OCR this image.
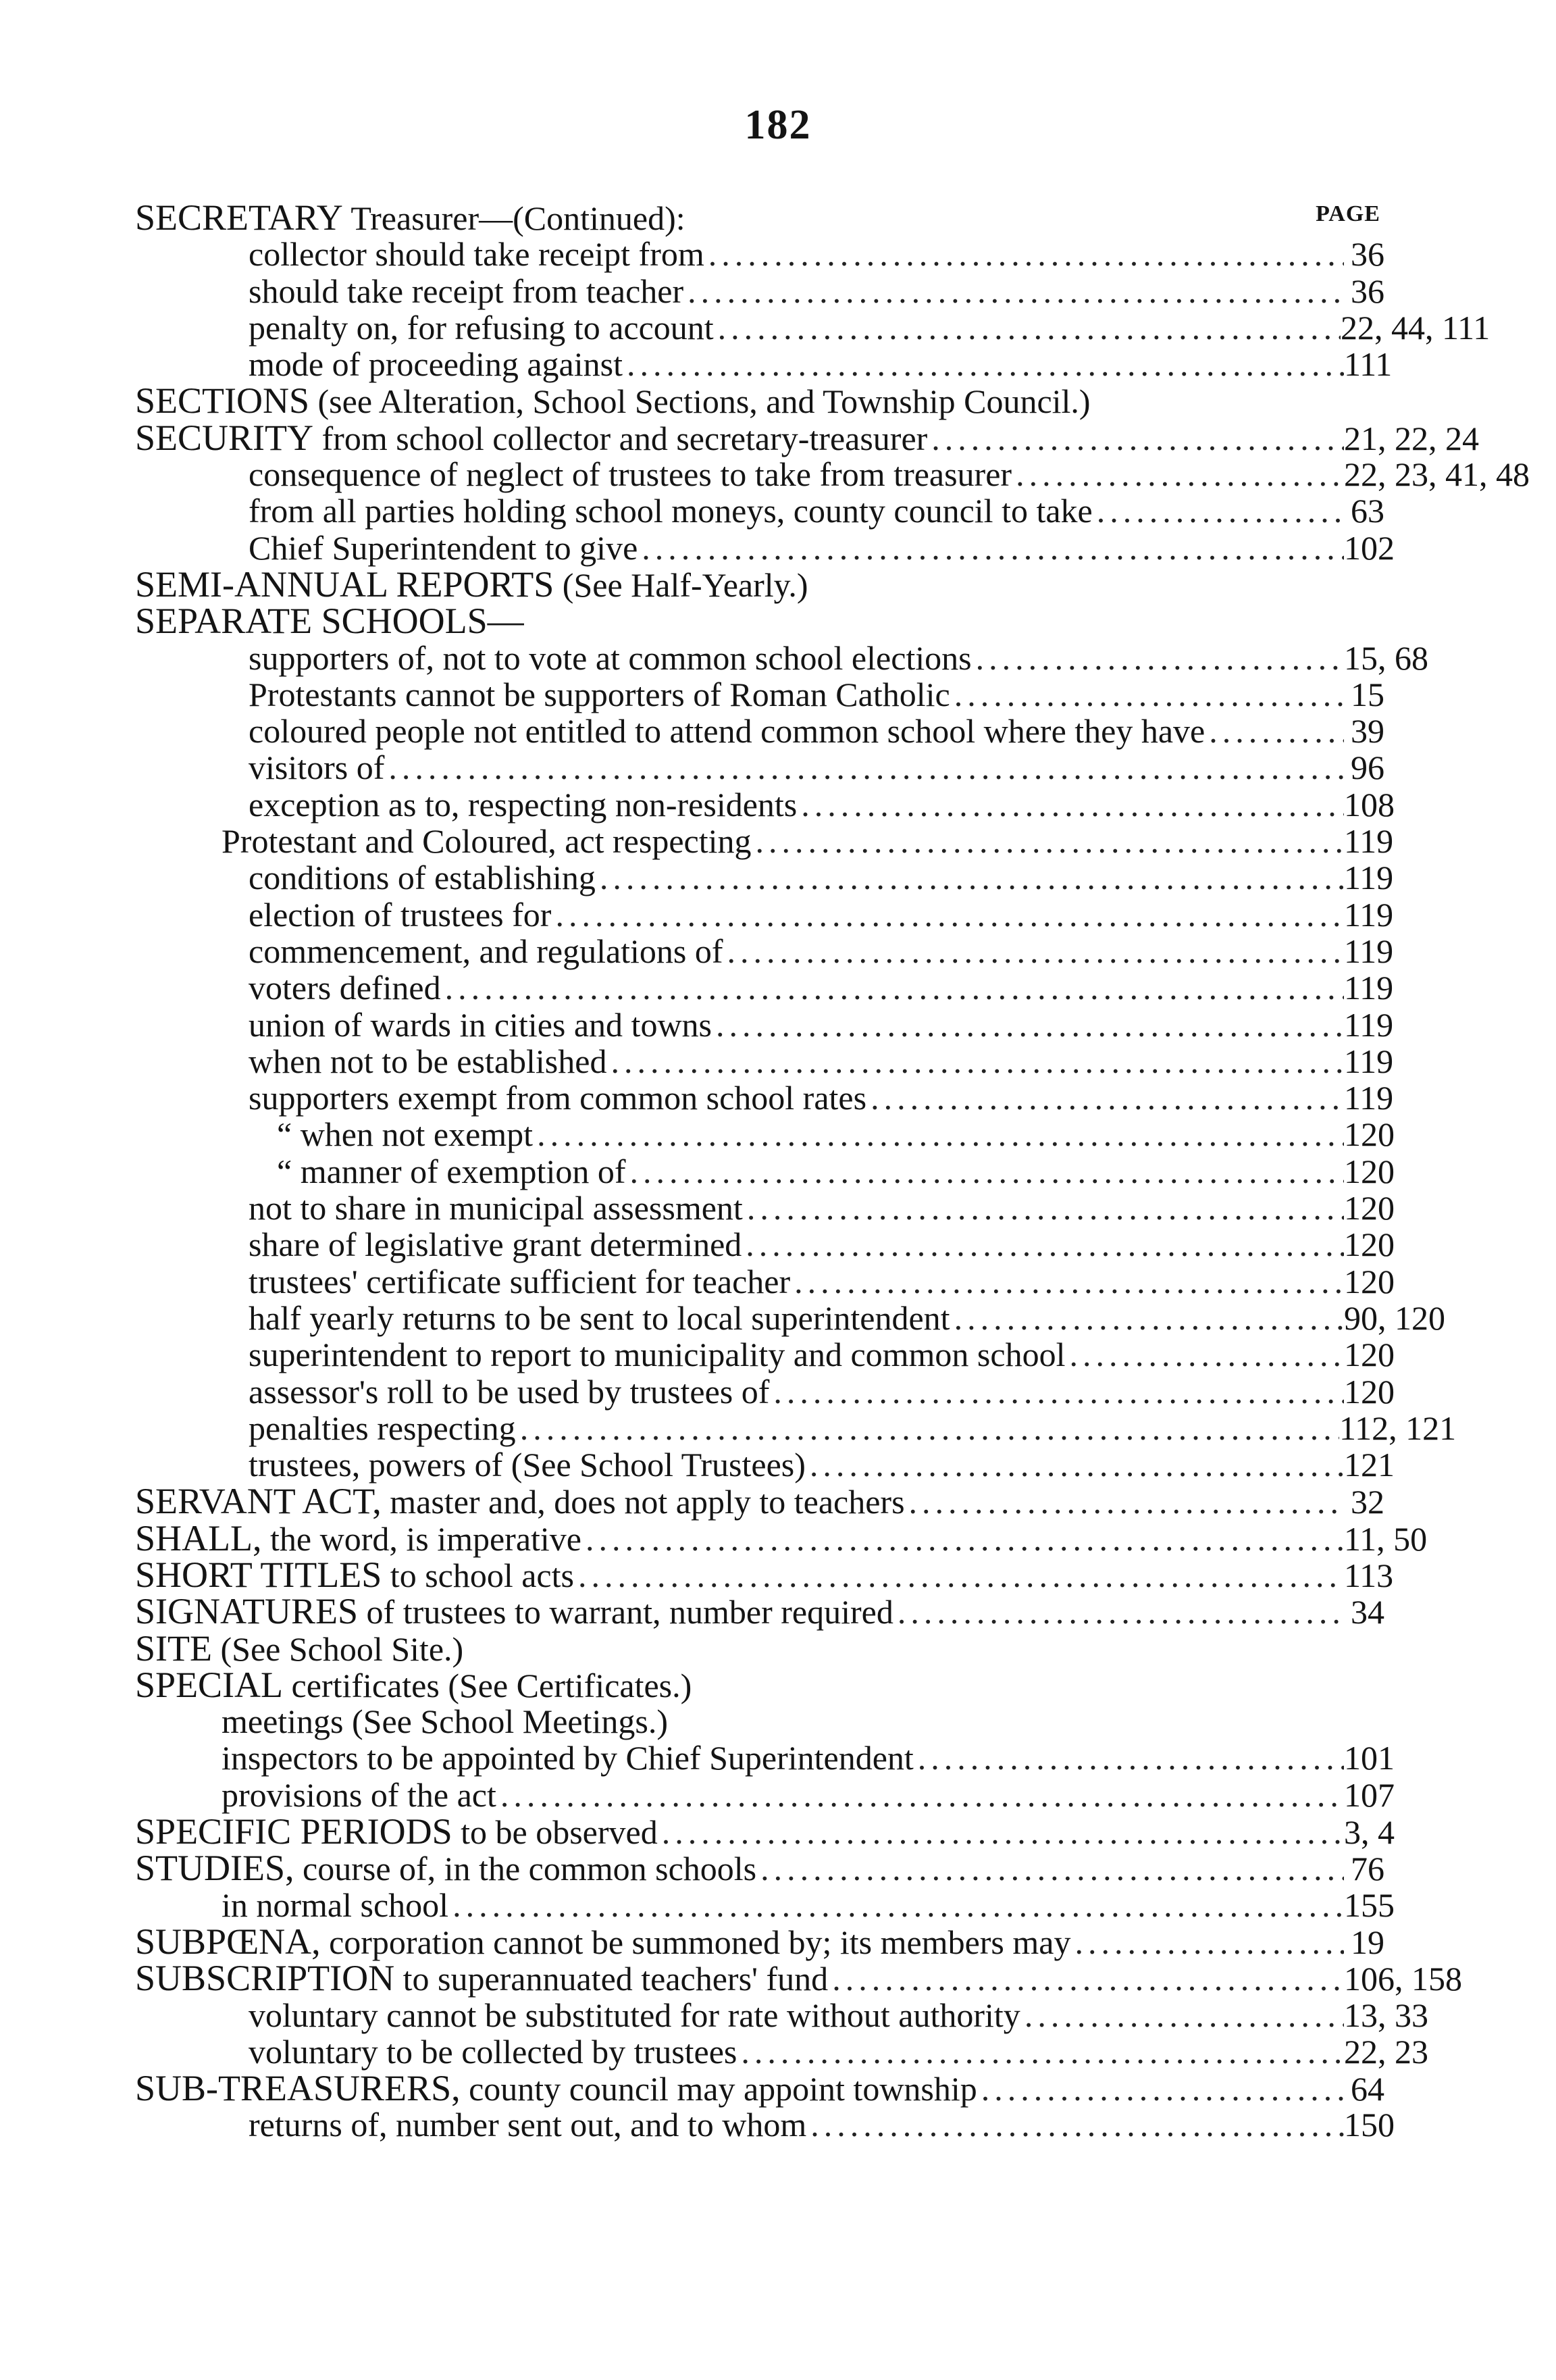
182
PAGE
SECRETARY Treasurer—(Continued):
collector should take receipt from .....	36
should take receipt from teacher .....	36
penalty on, for refusing to account .....	22, 44, 111
mode of proceeding against .....	111
SECTIONS (see Alteration, School Sections, and Township Council.)
SECURITY from school collector and secretary-treasurer .....	21, 22, 24
consequence of neglect of trustees to take from treasurer .....	22, 23, 41, 48
from all parties holding school moneys, county council to take .....	63
Chief Superintendent to give .....	102
SEMI-ANNUAL REPORTS (See Half-Yearly.)
SEPARATE SCHOOLS—
supporters of, not to vote at common school elections .....	15, 68
Protestants cannot be supporters of Roman Catholic .....	15
coloured people not entitled to attend common school where they have .....	39
visitors of .....	96
exception as to, respecting non-residents .....	108
Protestant and Coloured, act respecting .....	119
conditions of establishing .....	119
election of trustees for .....	119
commencement, and regulations of .....	119
voters defined .....	119
union of wards in cities and towns .....	119
when not to be established .....	119
supporters exempt from common school rates .....	119
“ when not exempt .....	120
“ manner of exemption of .....	120
not to share in municipal assessment .....	120
share of legislative grant determined .....	120
trustees' certificate sufficient for teacher .....	120
half yearly returns to be sent to local superintendent .....	90, 120
superintendent to report to municipality and common school .....	120
assessor's roll to be used by trustees of .....	120
penalties respecting .....	112, 121
trustees, powers of (See School Trustees) .....	121
SERVANT ACT, master and, does not apply to teachers .....	32
SHALL, the word, is imperative .....	11, 50
SHORT TITLES to school acts .....	113
SIGNATURES of trustees to warrant, number required .....	34
SITE (See School Site.)
SPECIAL certificates (See Certificates.)
meetings (See School Meetings.)
inspectors to be appointed by Chief Superintendent .....	101
provisions of the act .....	107
SPECIFIC PERIODS to be observed .....	3, 4
STUDIES, course of, in the common schools .....	76
in normal school .....	155
SUBPŒNA, corporation cannot be summoned by; its members may .....	19
SUBSCRIPTION to superannuated teachers' fund .....	106, 158
voluntary cannot be substituted for rate without authority .....	13, 33
voluntary to be collected by trustees .....	22, 23
SUB-TREASURERS, county council may appoint township .....	64
returns of, number sent out, and to whom .....	150
